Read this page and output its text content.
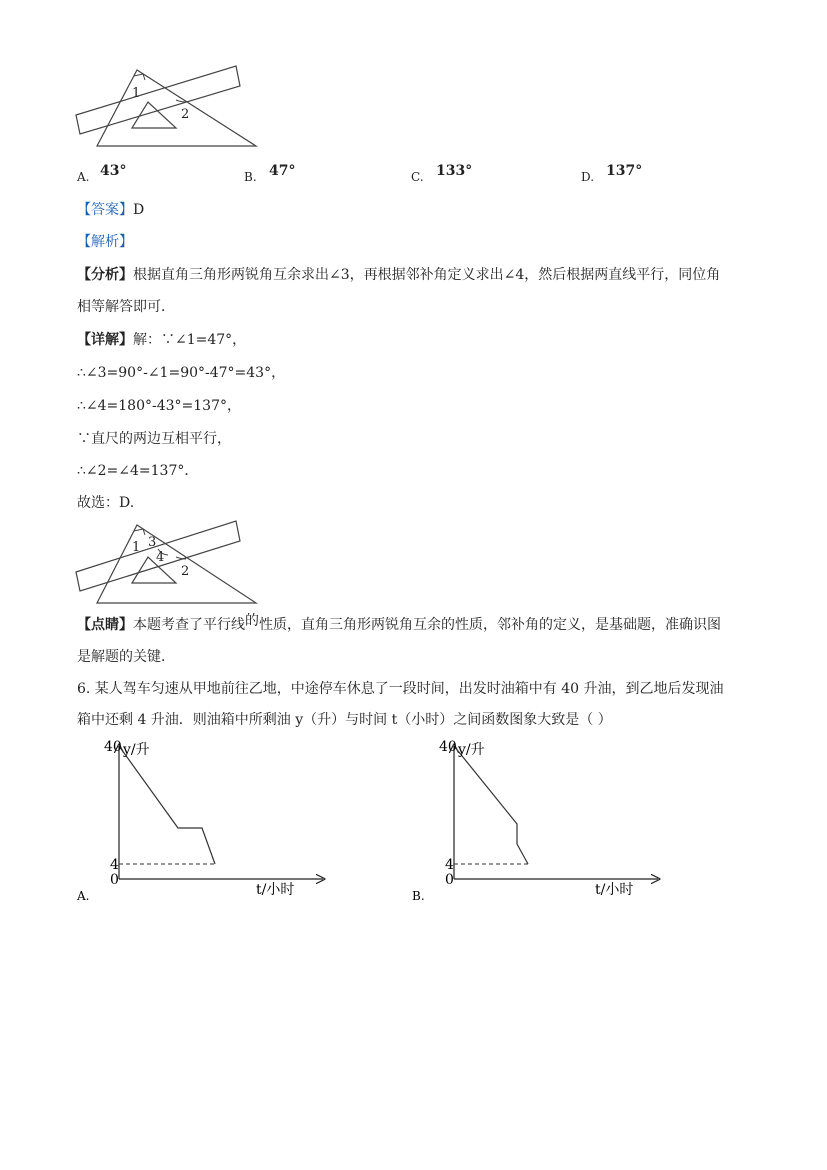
1
2
A. 43°	B. 47°	C. 133°	D. 137°
【答案】D
【解析】
【分析】根据直角三角形两锐角互余求出∠3，再根据邻补角定义求出∠4，然后根据两直线平行，同位角
相等解答即可．
【详解】解：∵∠1=47°，
∴∠3=90°-∠1=90°-47°=43°，
∴∠4=180°-43°=137°，
∵直尺的两边互相平行，
∴∠2=∠4=137°．
故选：D.
1 3
4
2
【点睛】本题考查了平行线的性质，直角三角形两锐角互余的性质，邻补角的定义，是基础题，准确识图
是解题的关键．
6. 某人驾车匀速从甲地前往乙地，中途停车休息了一段时间，出发时油箱中有 40 升油，到乙地后发现油
箱中还剩 4 升油．则油箱中所剩油 y（升）与时间 t（小时）之间函数图象大致是（ ）
y/升
40
4
0
t/小时
A.
y/升
40
4
0
t/小时
B.
